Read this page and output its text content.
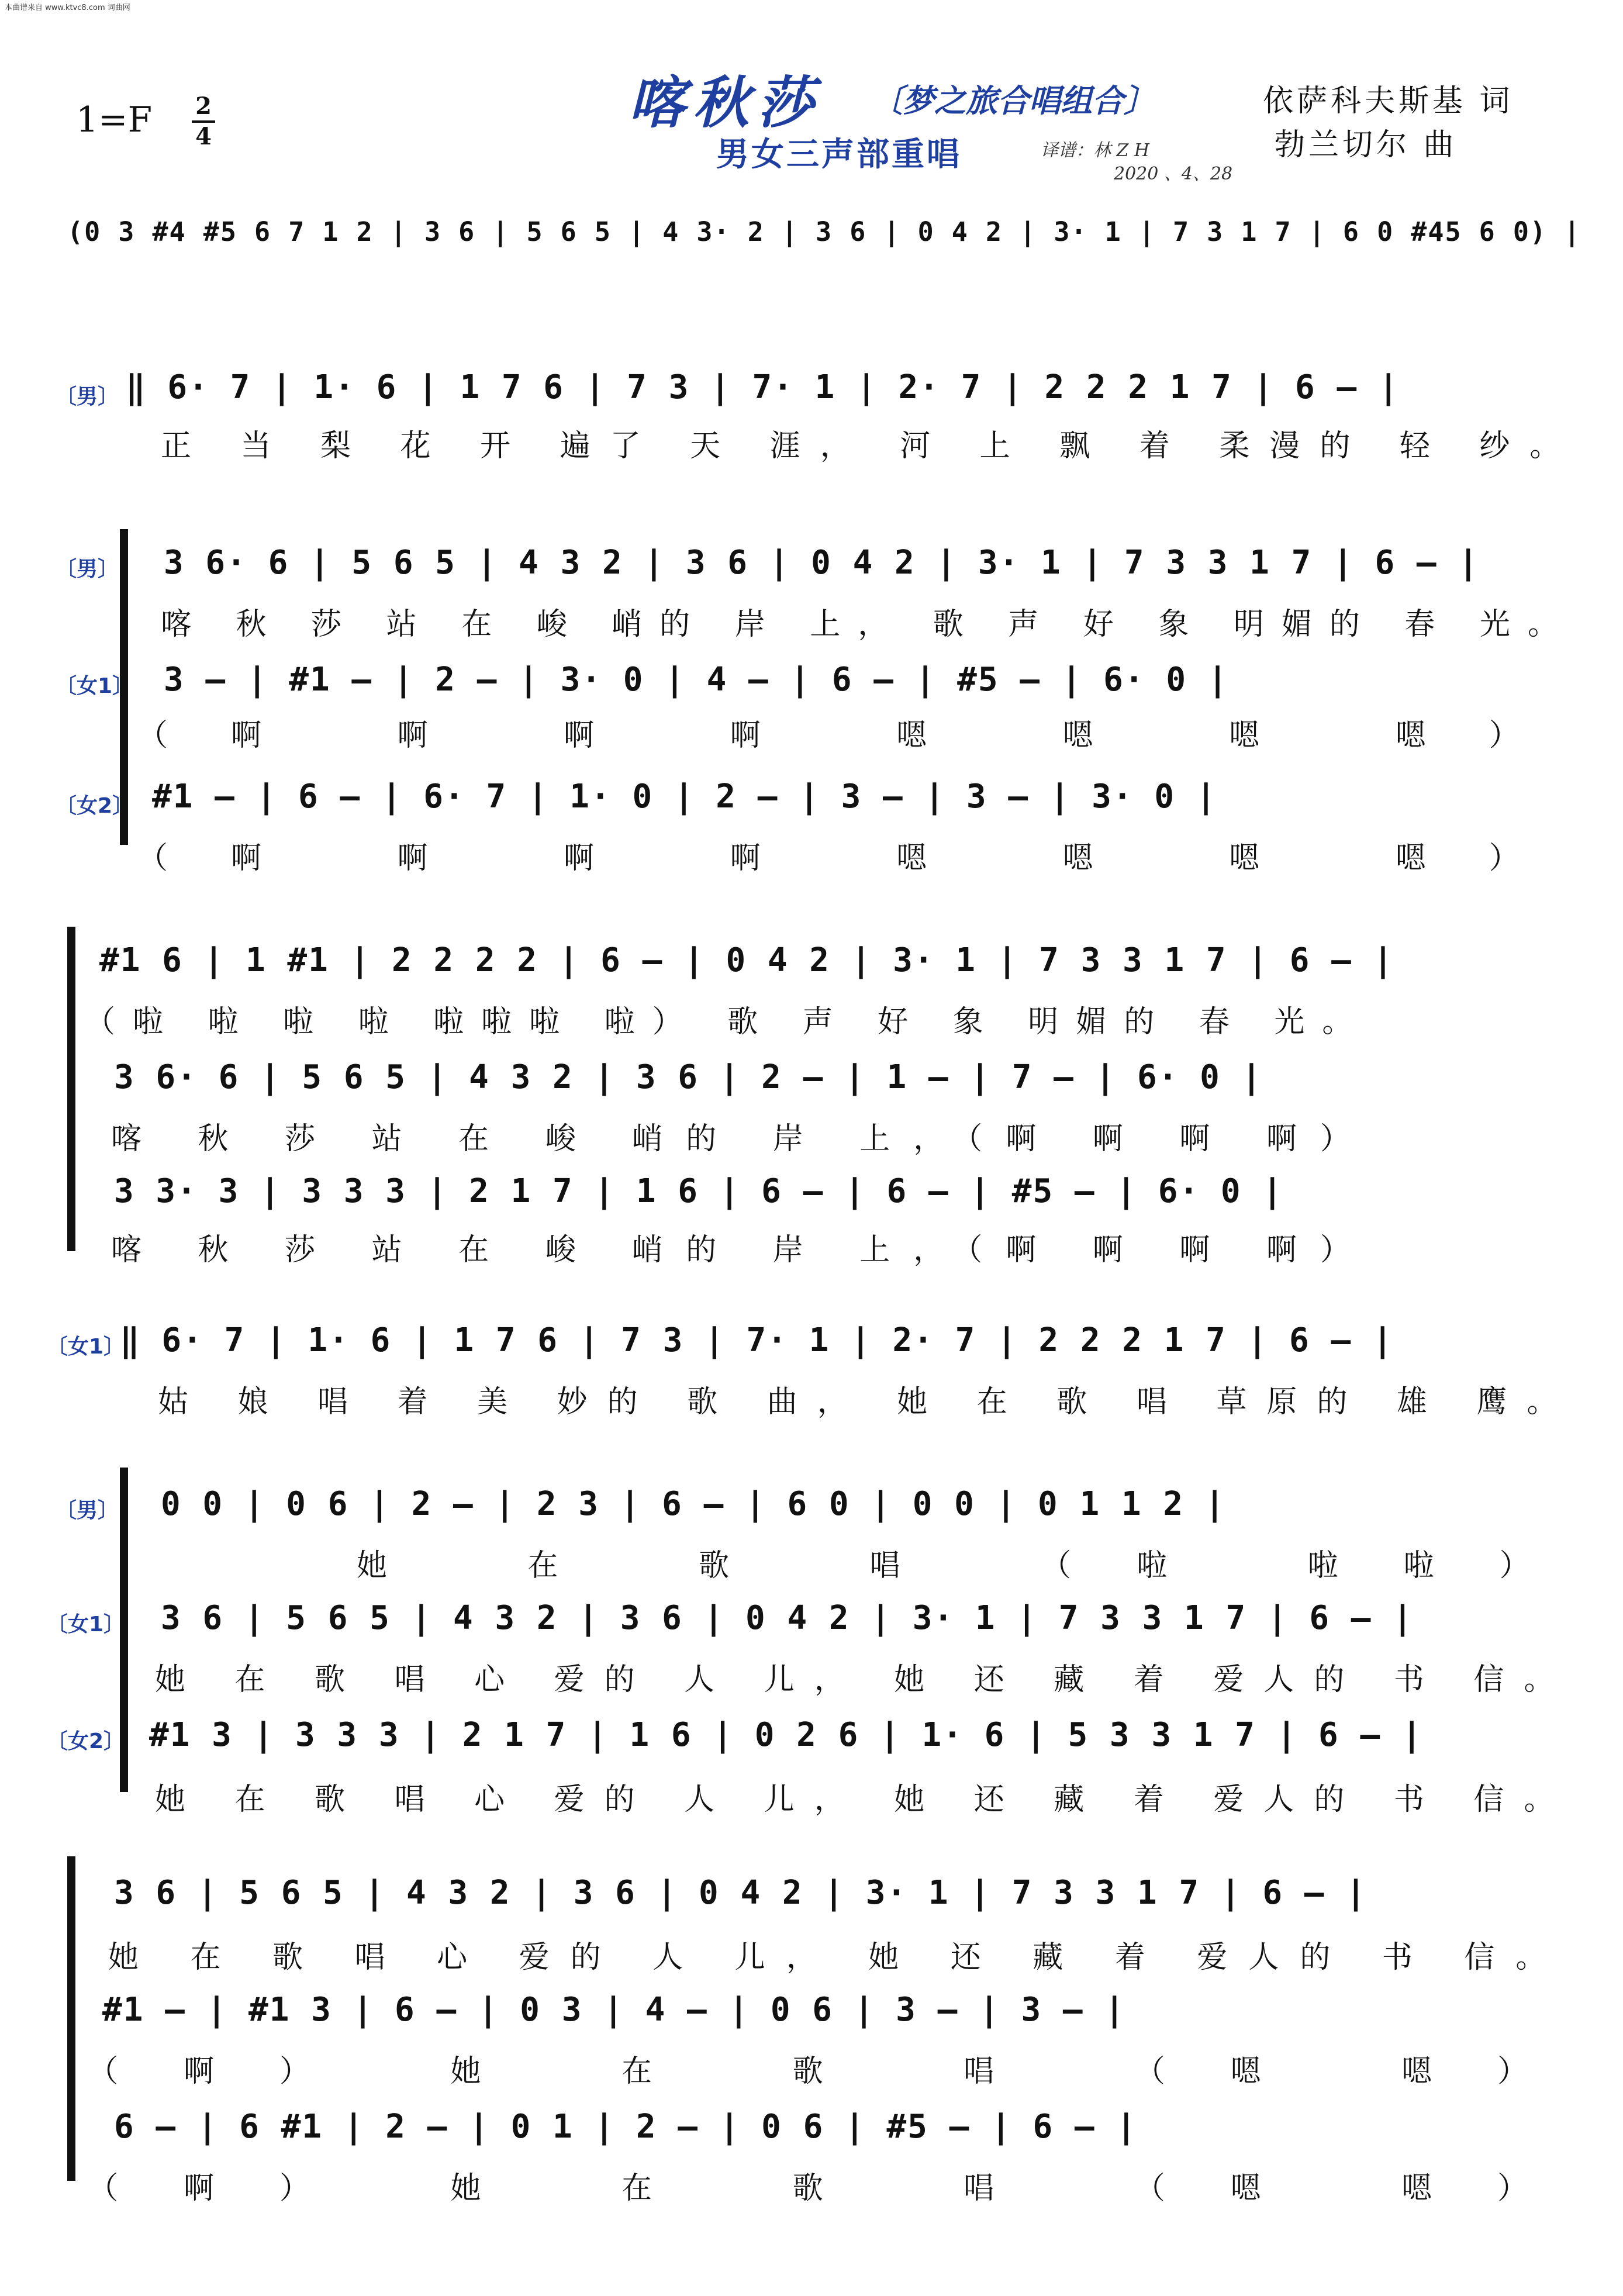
本曲谱来自 www.ktvc8.com 词曲网
1=F 2
4
喀秋莎 〔梦之旅合唱组合〕
男女三声部重唱
依萨科夫斯基 词
勃兰切尔 曲
译谱：林 Z H
2020 、4、28
(0 3 #4 #5 6 7 1 2 | 3 6 | 5 6 5 | 4 3· 2 | 3 6 | 0 4 2 | 3· 1 | 7 3 1 7 | 6 0 #45 6 0) |
〔男〕 ‖ 6· 7 | 1· 6 | 1 7 6 | 7 3 | 7· 1 | 2· 7 | 2 2 2 1 7 | 6 – |
正 当 梨 花 开 遍了 天 涯， 河 上 飘 着 柔漫的 轻 纱。
〔男〕 3 6· 6 | 5 6 5 | 4 3 2 | 3 6 | 0 4 2 | 3· 1 | 7 3 3 1 7 | 6 – |
喀 秋 莎 站 在 峻 峭的 岸 上， 歌 声 好 象 明媚的 春 光。
〔女1〕 3 – | #1 – | 2 – | 3· 0 | 4 – | 6 – | #5 – | 6· 0 |
（啊 啊 啊 啊 嗯 嗯 嗯 嗯）
〔女2〕 #1 – | 6 – | 6· 7 | 1· 0 | 2 – | 3 – | 3 – | 3· 0 |
（啊 啊 啊 啊 嗯 嗯 嗯 嗯）
#1 6 | 1 #1 | 2 2 2 2 | 6 – | 0 4 2 | 3· 1 | 7 3 3 1 7 | 6 – |
（啦 啦 啦 啦 啦啦啦 啦） 歌 声 好 象 明媚的 春 光。
3 6· 6 | 5 6 5 | 4 3 2 | 3 6 | 2 – | 1 – | 7 – | 6· 0 |
喀 秋 莎 站 在 峻 峭的 岸 上，（啊 啊 啊 啊）
3 3· 3 | 3 3 3 | 2 1 7 | 1 6 | 6 – | 6 – | #5 – | 6· 0 |
喀 秋 莎 站 在 峻 峭的 岸 上，（啊 啊 啊 啊）
〔女1〕
‖ 6· 7 | 1· 6 | 1 7 6 | 7 3 | 7· 1 | 2· 7 | 2 2 2 1 7 | 6 – |
姑 娘 唱 着 美 妙的 歌 曲， 她 在 歌 唱 草原的 雄 鹰。
〔男〕 0 0 | 0 6 | 2 – | 2 3 | 6 – | 6 0 | 0 0 | 0 1 1 2 |
她 在 歌 唱 （啦 啦啦）
〔女1〕 3 6 | 5 6 5 | 4 3 2 | 3 6 | 0 4 2 | 3· 1 | 7 3 3 1 7 | 6 – |
她 在 歌 唱 心 爱的 人 儿， 她 还 藏 着 爱人的 书 信。
〔女2〕 #1 3 | 3 3 3 | 2 1 7 | 1 6 | 0 2 6 | 1· 6 | 5 3 3 1 7 | 6 – |
她 在 歌 唱 心 爱的 人 儿， 她 还 藏 着 爱人的 书 信。
3 6 | 5 6 5 | 4 3 2 | 3 6 | 0 4 2 | 3· 1 | 7 3 3 1 7 | 6 – |
她 在 歌 唱 心 爱的 人 儿， 她 还 藏 着 爱人的 书 信。
#1 – | #1 3 | 6 – | 0 3 | 4 – | 0 6 | 3 – | 3 – |
（啊） 她 在 歌 唱 （嗯 嗯）
6 – | 6 #1 | 2 – | 0 1 | 2 – | 0 6 | #5 – | 6 – |
（啊） 她 在 歌 唱 （嗯 嗯）
